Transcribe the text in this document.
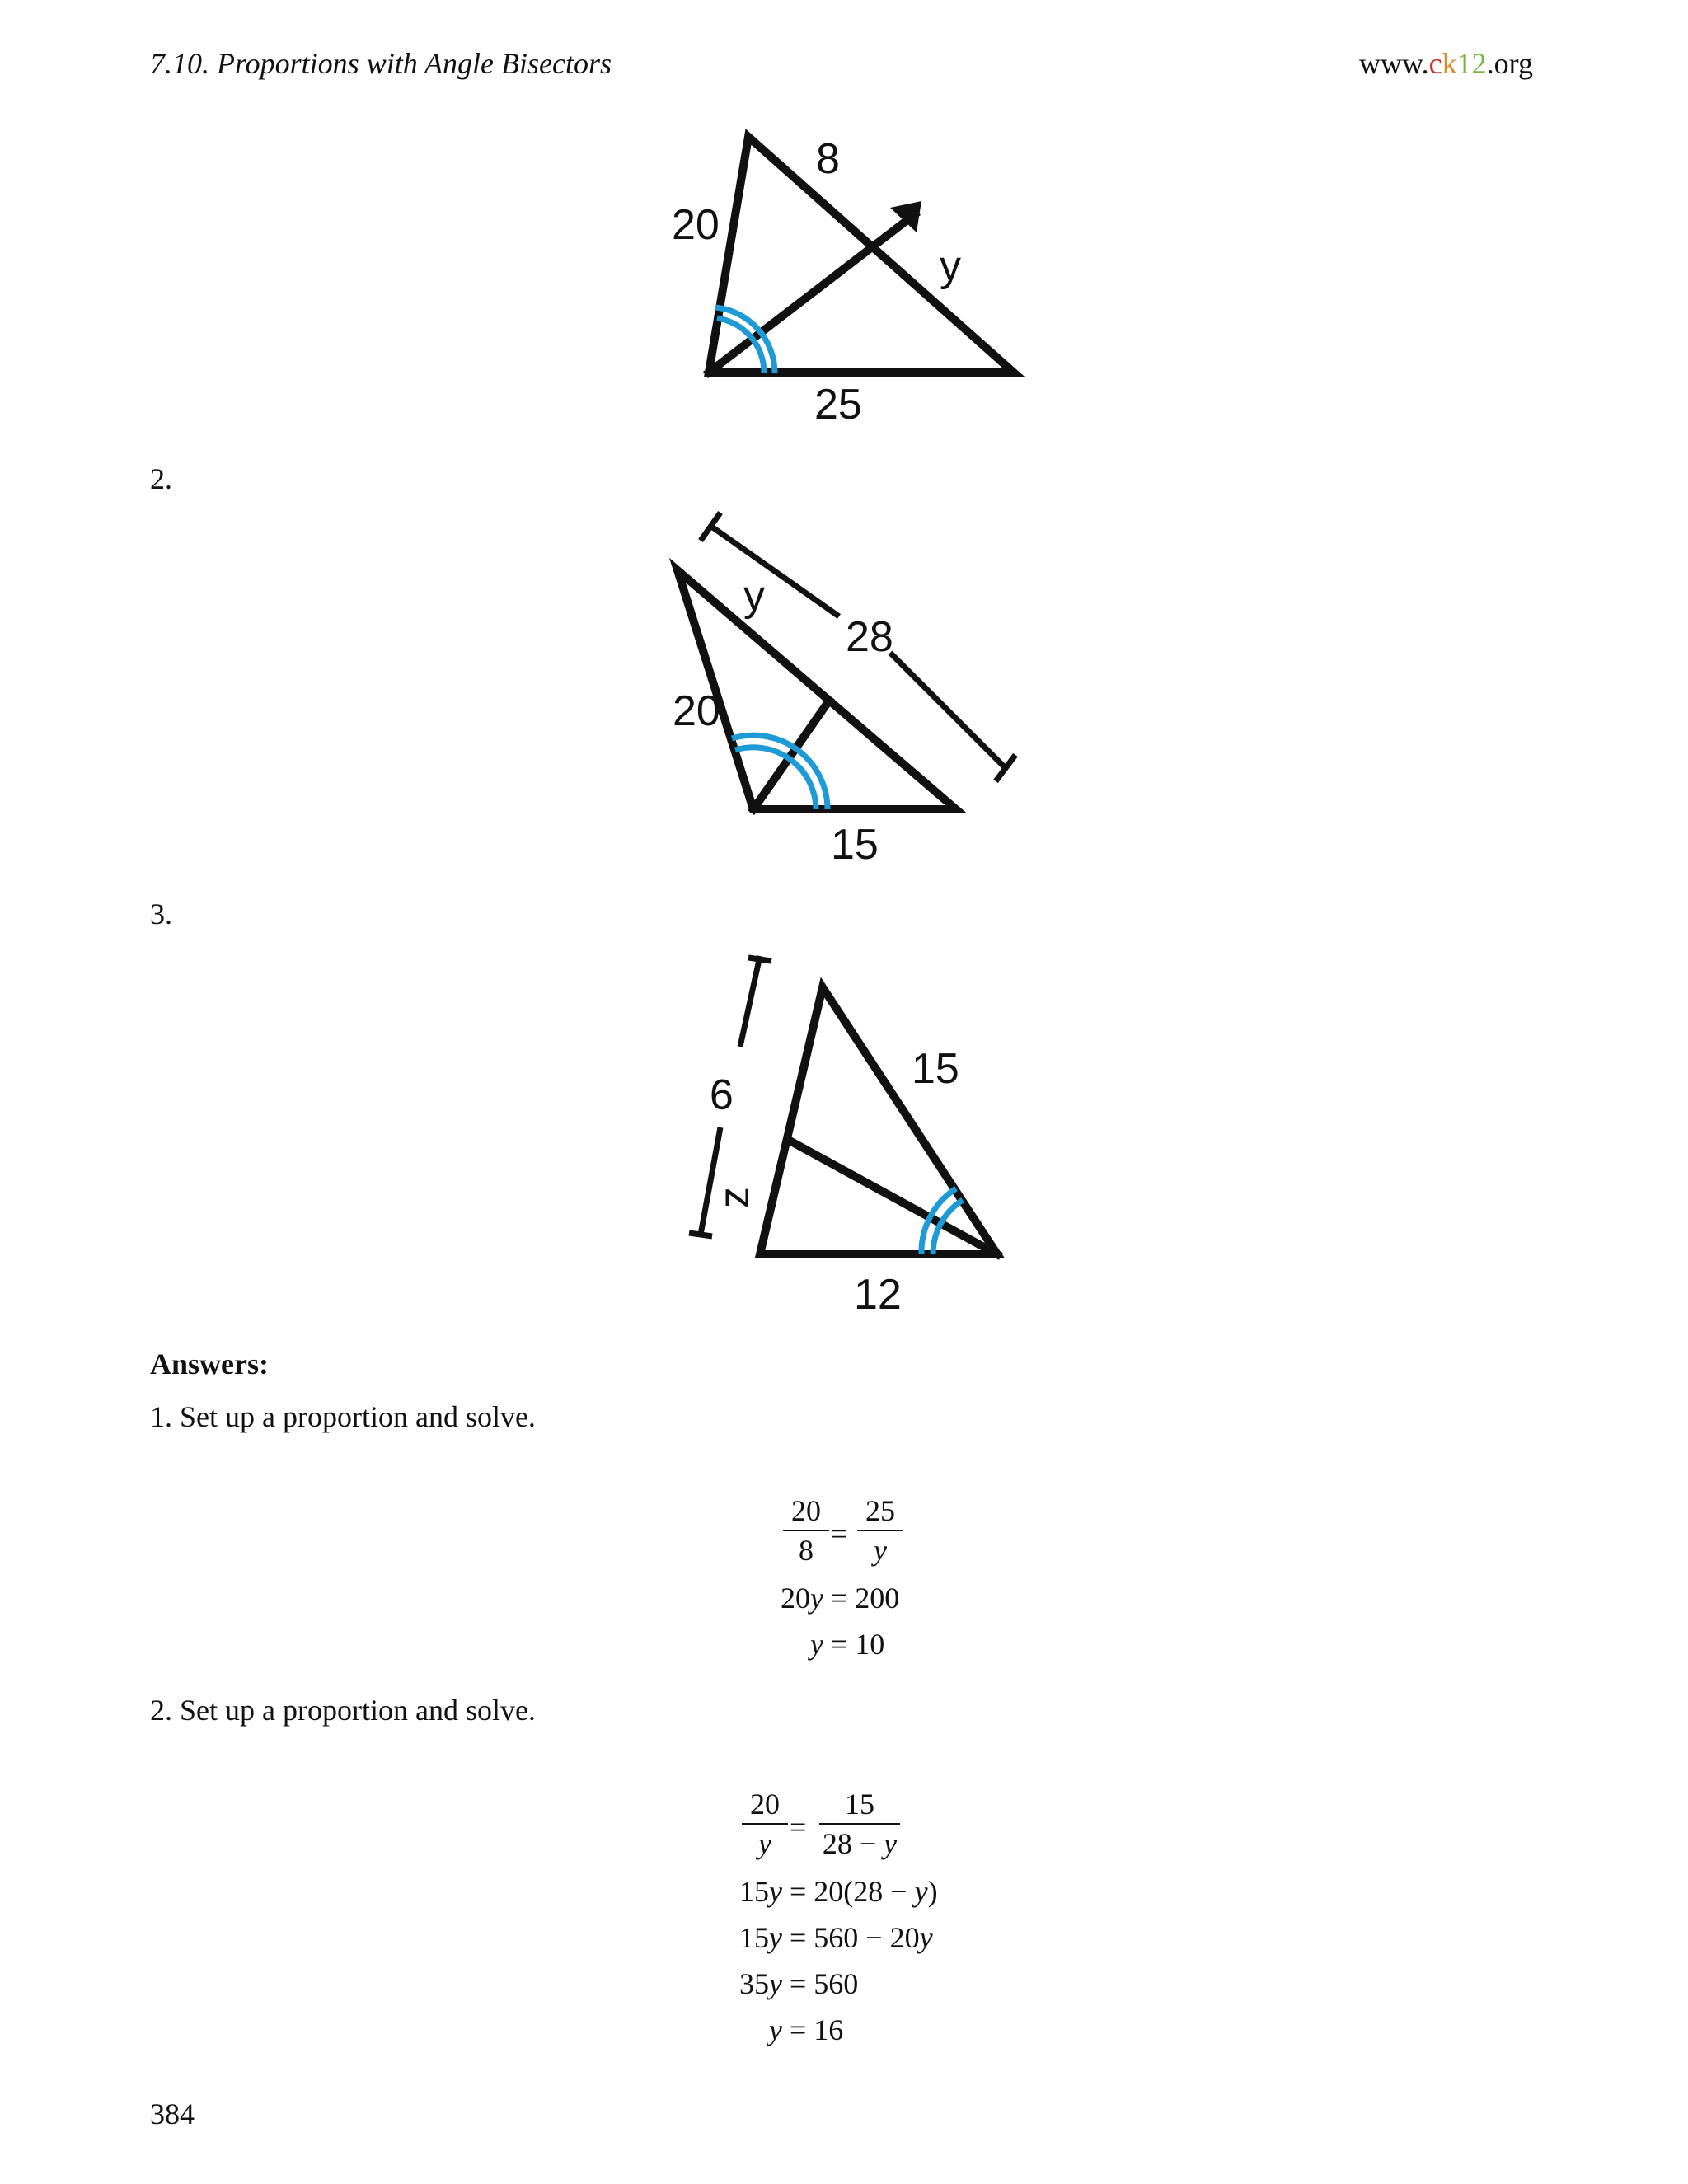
7.10. Proportions with Angle Bisectors	www.ck12.org
20
8
y
25
2.
y
28
20
15
3.
9
z
15
12
Answers:
1. Set up a proportion and solve.
20
8 =
25
y
20y = 200
y = 10
2. Set up a proportion and solve.
20
y =
15
28 − y
15y = 20(28 − y)
15y = 560 − 20y
35y = 560
y = 16
384
